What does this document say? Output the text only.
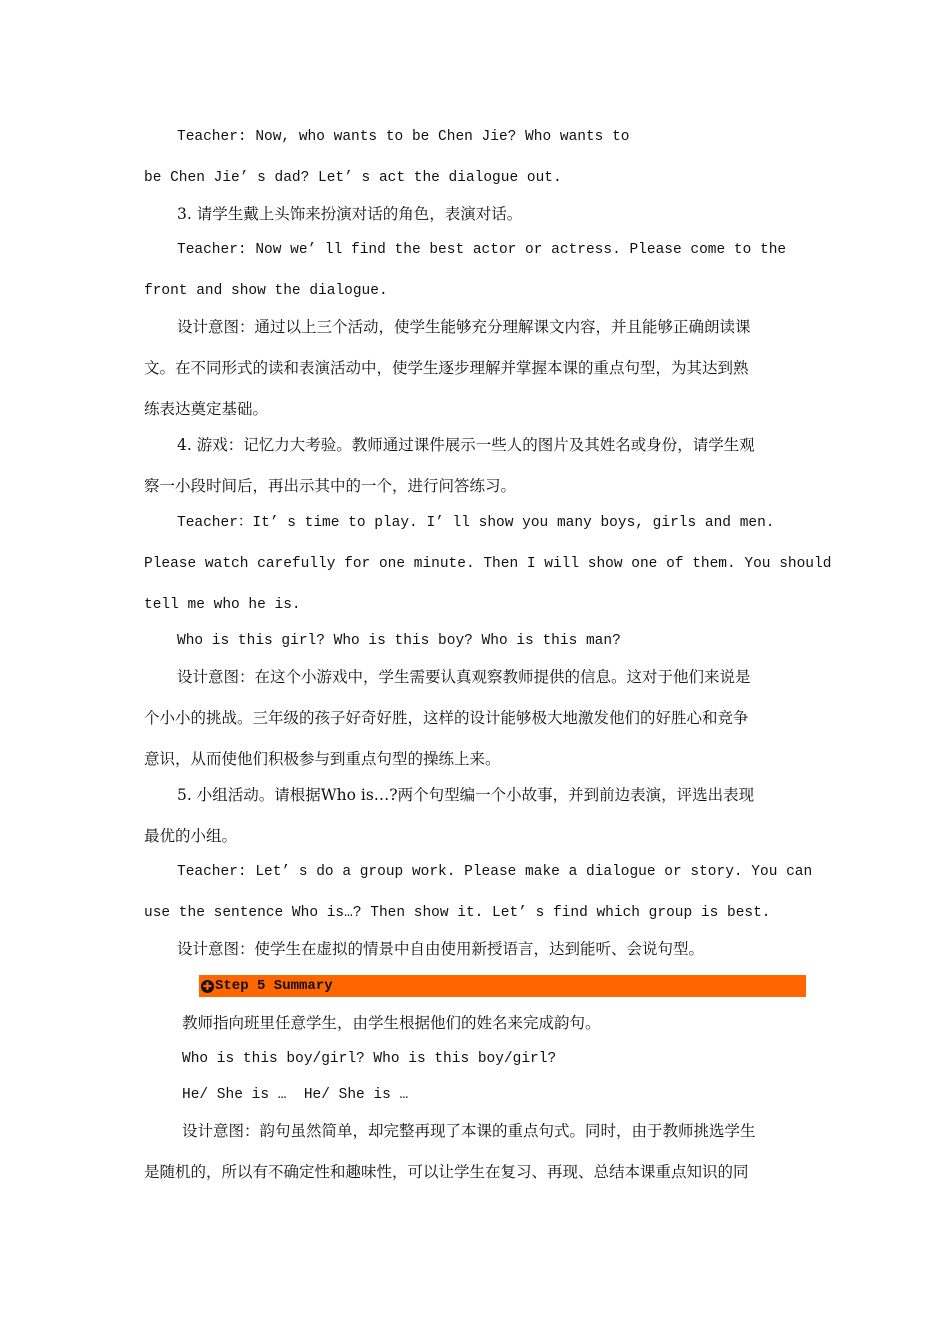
Teacher: Now, who wants to be Chen Jie? Who wants to
be Chen Jie’ s dad? Let’ s act the dialogue out.
3. 请学生戴上头饰来扮演对话的角色，表演对话。
Teacher: Now we’ ll find the best actor or actress. Please come to the
front and show the dialogue.
设计意图：通过以上三个活动，使学生能够充分理解课文内容，并且能够正确朗读课
文。在不同形式的读和表演活动中，使学生逐步理解并掌握本课的重点句型，为其达到熟
练表达奠定基础。
4. 游戏：记忆力大考验。教师通过课件展示一些人的图片及其姓名或身份，请学生观
察一小段时间后，再出示其中的一个，进行问答练习。
Teacher：It’ s time to play. I’ ll show you many boys, girls and men.
Please watch carefully for one minute. Then I will show one of them. You should
tell me who he is.
Who is this girl? Who is this boy? Who is this man?
设计意图：在这个小游戏中，学生需要认真观察教师提供的信息。这对于他们来说是
个小小的挑战。三年级的孩子好奇好胜，这样的设计能够极大地激发他们的好胜心和竞争
意识，从而使他们积极参与到重点句型的操练上来。
5. 小组活动。请根据Who is…?两个句型编一个小故事，并到前边表演，评选出表现
最优的小组。
Teacher: Let’ s do a group work. Please make a dialogue or story. You can
use the sentence Who is…? Then show it. Let’ s find which group is best.
设计意图：使学生在虚拟的情景中自由使用新授语言，达到能听、会说句型。
✚ Step 5 Summary
教师指向班里任意学生，由学生根据他们的姓名来完成韵句。
Who is this boy/girl? Who is this boy/girl?
He/ She is …  He/ She is …
设计意图：韵句虽然简单，却完整再现了本课的重点句式。同时，由于教师挑选学生
是随机的，所以有不确定性和趣味性，可以让学生在复习、再现、总结本课重点知识的同
